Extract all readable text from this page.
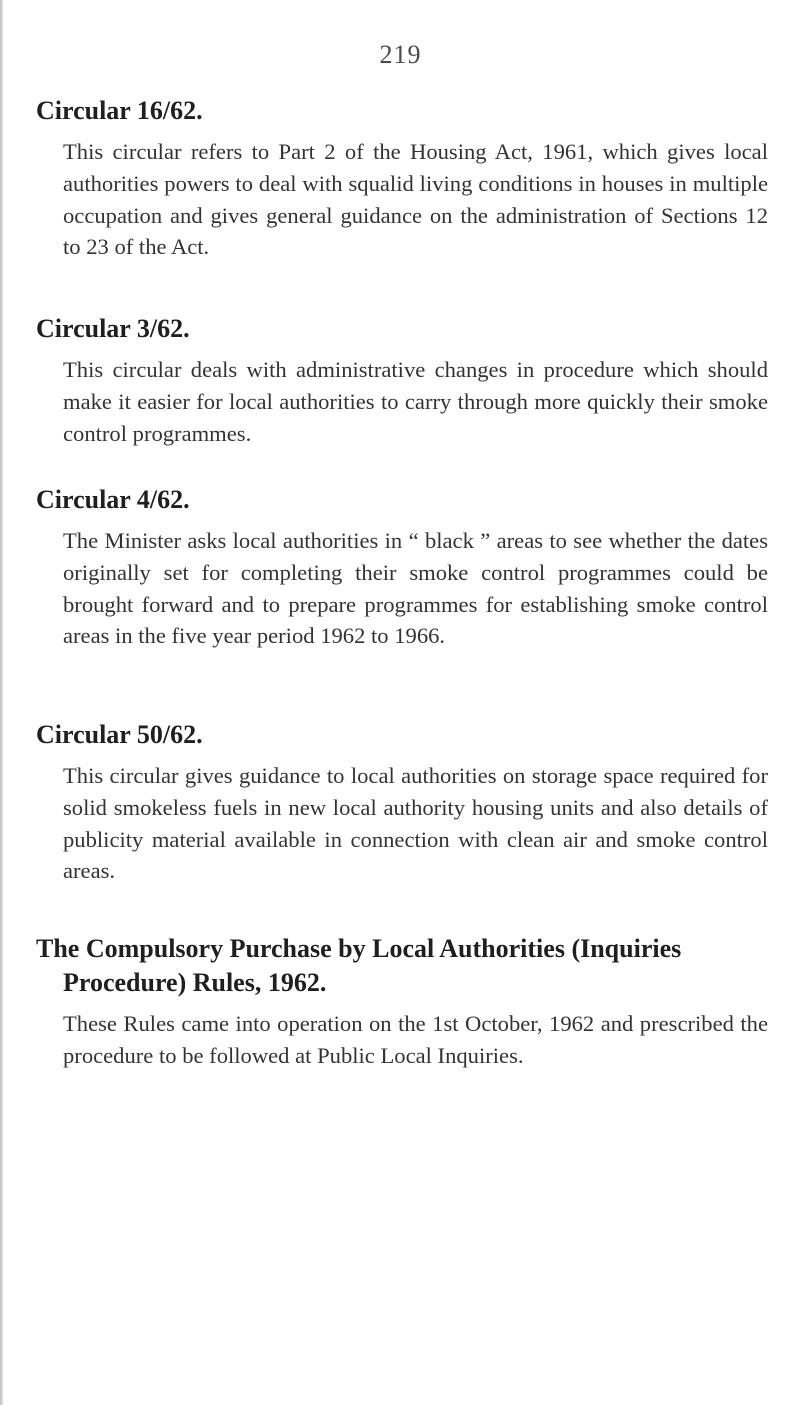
219
Circular 16/62.

This circular refers to Part 2 of the Housing Act, 1961, which gives local authorities powers to deal with squalid living conditions in houses in multiple occupation and gives general guidance on the administration of Sections 12 to 23 of the Act.

Circular 3/62.

This circular deals with administrative changes in procedure which should make it easier for local authorities to carry through more quickly their smoke control programmes.

Circular 4/62.

The Minister asks local authorities in “ black ” areas to see whether the dates originally set for completing their smoke control programmes could be brought forward and to prepare programmes for establishing smoke control areas in the five year period 1962 to 1966.

Circular 50/62.

This circular gives guidance to local authorities on storage space required for solid smokeless fuels in new local authority housing units and also details of publicity material available in connection with clean air and smoke control areas.

The Compulsory Purchase by Local Authorities (Inquiries Procedure) Rules, 1962.

These Rules came into operation on the 1st October, 1962 and prescribed the procedure to be followed at Public Local Inquiries.
